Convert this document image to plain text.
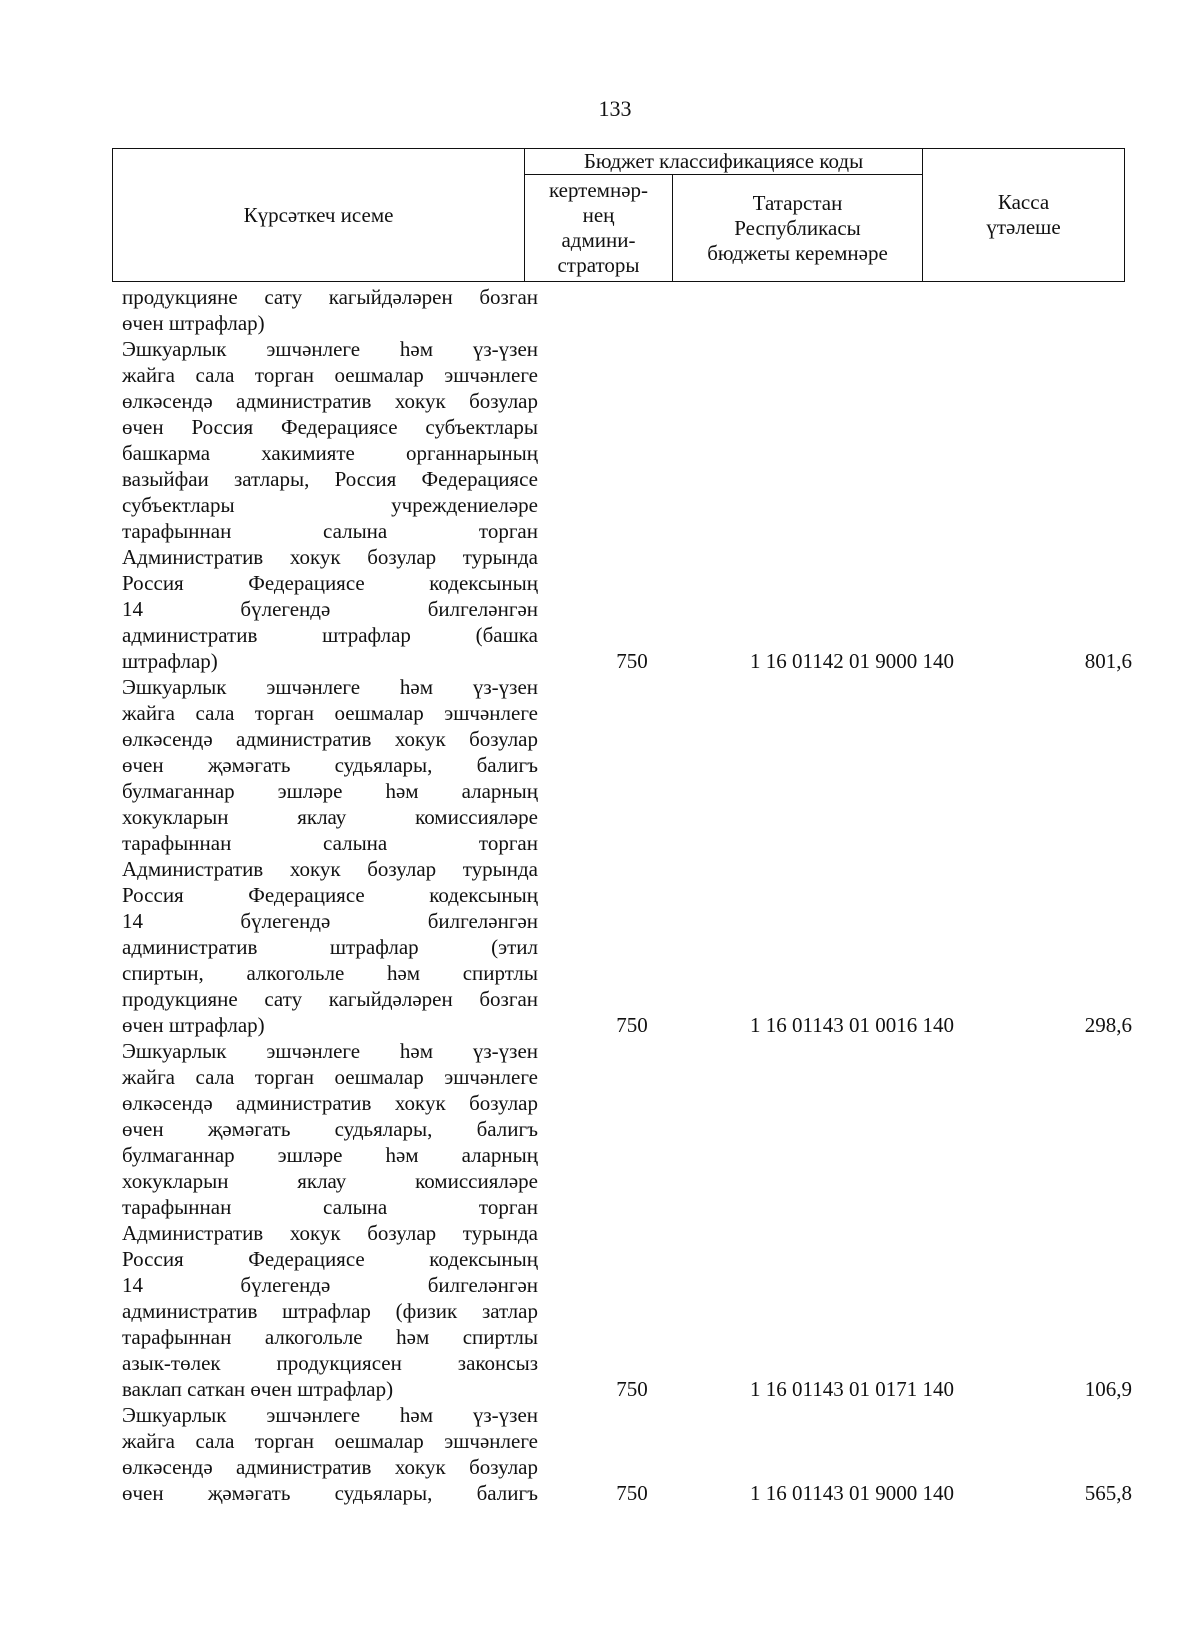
133
Күрсәткеч исеме	Бюджет классификациясе коды		Касса үтәлеше

	кертемнәр-нең админи-страторы	Татарстан Республикасы бюджеты керемнәре	
продукцияне сату кагыйдәләрен бозган
өчен штрафлар)
Эшкуарлык эшчәнлеге һәм үз-үзен
жайга сала торган оешмалар эшчәнлеге
өлкәсендә административ хокук бозулар
өчен Россия Федерациясе субъектлары
башкарма хакимияте органнарының
вазыйфаи затлары, Россия Федерациясе
субъектлары учреждениеләре
тарафыннан салына торган
Административ хокук бозулар турында
Россия Федерациясе кодексының
14 бүлегендә билгеләнгән
административ штрафлар (башка
штрафлар)	750	1 16 01142 01 9000 140	801,6
Эшкуарлык эшчәнлеге һәм үз-үзен
жайга сала торган оешмалар эшчәнлеге
өлкәсендә административ хокук бозулар
өчен җәмәгать судьялары, балигъ
булмаганнар эшләре һәм аларның
хокукларын яклау комиссияләре
тарафыннан салына торган
Административ хокук бозулар турында
Россия Федерациясе кодексының
14 бүлегендә билгеләнгән
административ штрафлар (этил
спиртын, алкогольле һәм спиртлы
продукцияне сату кагыйдәләрен бозган
өчен штрафлар)	750	1 16 01143 01 0016 140	298,6
Эшкуарлык эшчәнлеге һәм үз-үзен
жайга сала торган оешмалар эшчәнлеге
өлкәсендә административ хокук бозулар
өчен җәмәгать судьялары, балигъ
булмаганнар эшләре һәм аларның
хокукларын яклау комиссияләре
тарафыннан салына торган
Административ хокук бозулар турында
Россия Федерациясе кодексының
14 бүлегендә билгеләнгән
административ штрафлар (физик затлар
тарафыннан алкогольле һәм спиртлы
азык-төлек продукциясен законсыз
ваклап саткан өчен штрафлар)	750	1 16 01143 01 0171 140	106,9
Эшкуарлык эшчәнлеге һәм үз-үзен
жайга сала торган оешмалар эшчәнлеге
өлкәсендә административ хокук бозулар
өчен җәмәгать судьялары, балигъ	750	1 16 01143 01 9000 140	565,8
